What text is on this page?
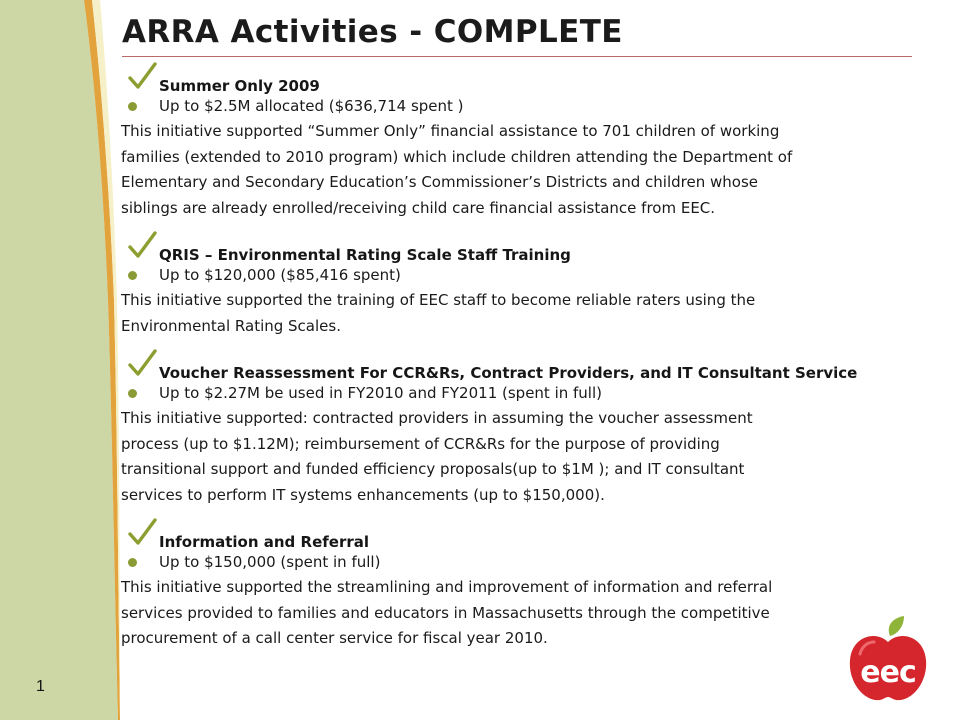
ARRA Activities - COMPLETE
Summer Only 2009
Up to $2.5M allocated ($636,714 spent )

This initiative supported “Summer Only” financial assistance to 701 children of working
families (extended to 2010 program) which include children attending the Department of
Elementary and Secondary Education’s Commissioner’s Districts and children whose
siblings are already enrolled/receiving child care financial assistance from EEC.

QRIS – Environmental Rating Scale Staff Training
Up to $120,000 ($85,416 spent)

This initiative supported the training of EEC staff to become reliable raters using the
Environmental Rating Scales.

Voucher Reassessment For CCR&Rs, Contract Providers, and IT Consultant Service
Up to $2.27M be used in FY2010 and FY2011 (spent in full)

This initiative supported: contracted providers in assuming the voucher assessment
process (up to $1.12M); reimbursement of CCR&Rs for the purpose of providing
transitional support and funded efficiency proposals(up to $1M ); and IT consultant
services to perform IT systems enhancements (up to $150,000).

Information and Referral
Up to $150,000 (spent in full)

This initiative supported the streamlining and improvement of information and referral
services provided to families and educators in Massachusetts through the competitive
procurement of a call center service for fiscal year 2010.

1	eec
